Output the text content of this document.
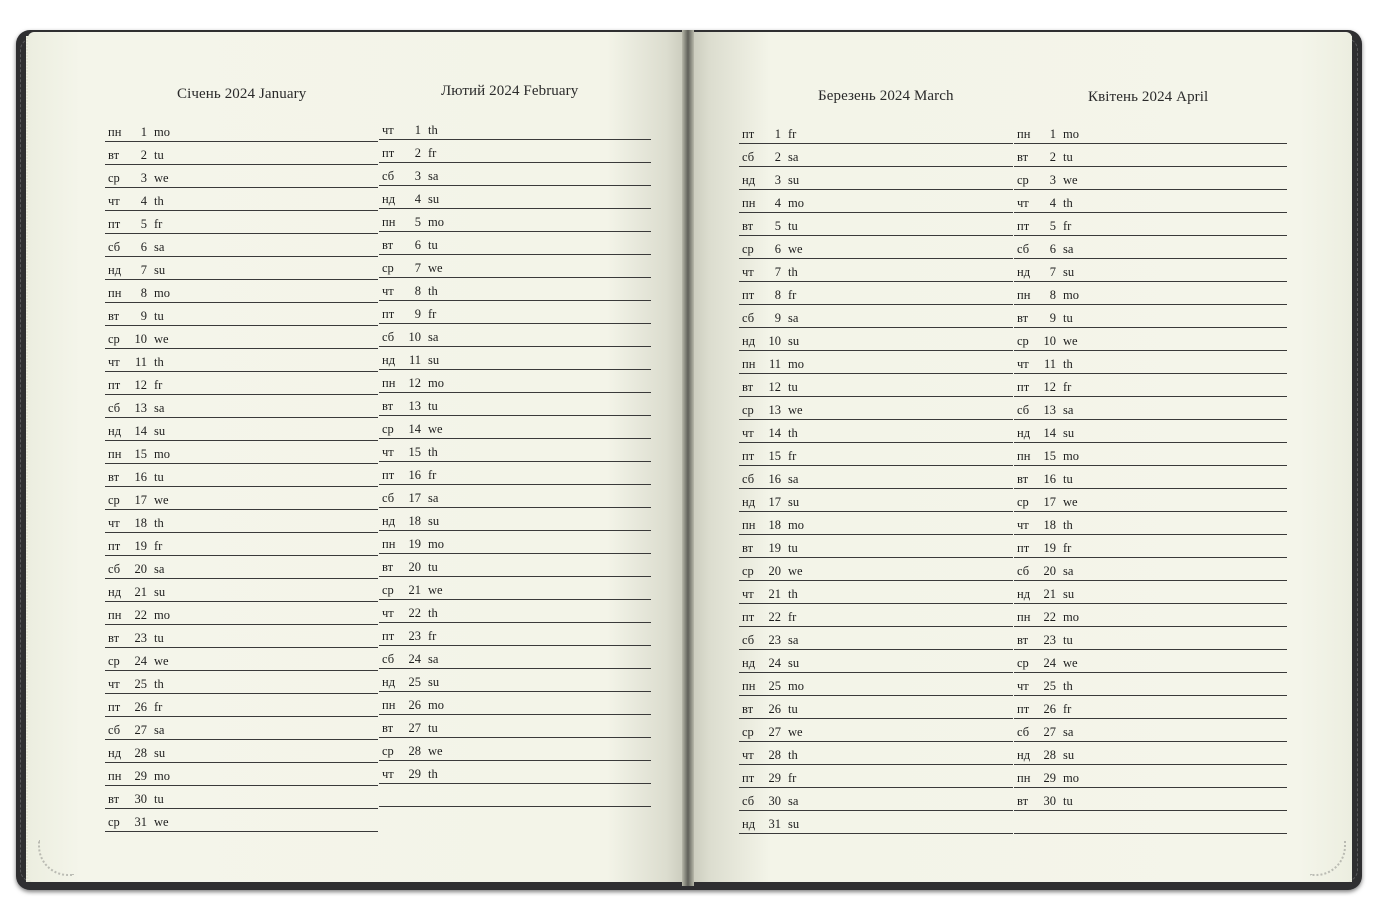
Січень 2024 January	Лютий 2024 February	Березень 2024 March	Квітень 2024 April
пн	1 mo
вт	2 tu
ср	3 we
чт	4 th
пт	5 fr
сб	6 sa
нд	7 su
пн	8 mo
вт	9 tu
ср	10 we
чт	11 th
пт	12 fr
сб	13 sa
нд	14 su
пн	15 mo
вт	16 tu
ср	17 we
чт	18 th
пт	19 fr
сб	20 sa
нд	21 su
пн	22 mo
вт	23 tu
ср	24 we
чт	25 th
пт	26 fr
сб	27 sa
нд	28 su
пн	29 mo
вт	30 tu
ср	31 we
чт	1 th
пт	2 fr
сб	3 sa
нд	4 su
пн	5 mo
вт	6 tu
ср	7 we
чт	8 th
пт	9 fr
сб	10 sa
нд	11 su
пн	12 mo
вт	13 tu
ср	14 we
чт	15 th
пт	16 fr
сб	17 sa
нд	18 su
пн	19 mo
вт	20 tu
ср	21 we
чт	22 th
пт	23 fr
сб	24 sa
нд	25 su
пн	26 mo
вт	27 tu
ср	28 we
чт	29 th
пт	1 fr
сб	2 sa
нд	3 su
пн	4 mo
вт	5 tu
ср	6 we
чт	7 th
пт	8 fr
сб	9 sa
нд	10 su
пн	11 mo
вт	12 tu
ср	13 we
чт	14 th
пт	15 fr
сб	16 sa
нд	17 su
пн	18 mo
вт	19 tu
ср	20 we
чт	21 th
пт	22 fr
сб	23 sa
нд	24 su
пн	25 mo
вт	26 tu
ср	27 we
чт	28 th
пт	29 fr
сб	30 sa
нд	31 su
пн	1 mo
вт	2 tu
ср	3 we
чт	4 th
пт	5 fr
сб	6 sa
нд	7 su
пн	8 mo
вт	9 tu
ср	10 we
чт	11 th
пт	12 fr
сб	13 sa
нд	14 su
пн	15 mo
вт	16 tu
ср	17 we
чт	18 th
пт	19 fr
сб	20 sa
нд	21 su
пн	22 mo
вт	23 tu
ср	24 we
чт	25 th
пт	26 fr
сб	27 sa
нд	28 su
пн	29 mo
вт	30 tu
